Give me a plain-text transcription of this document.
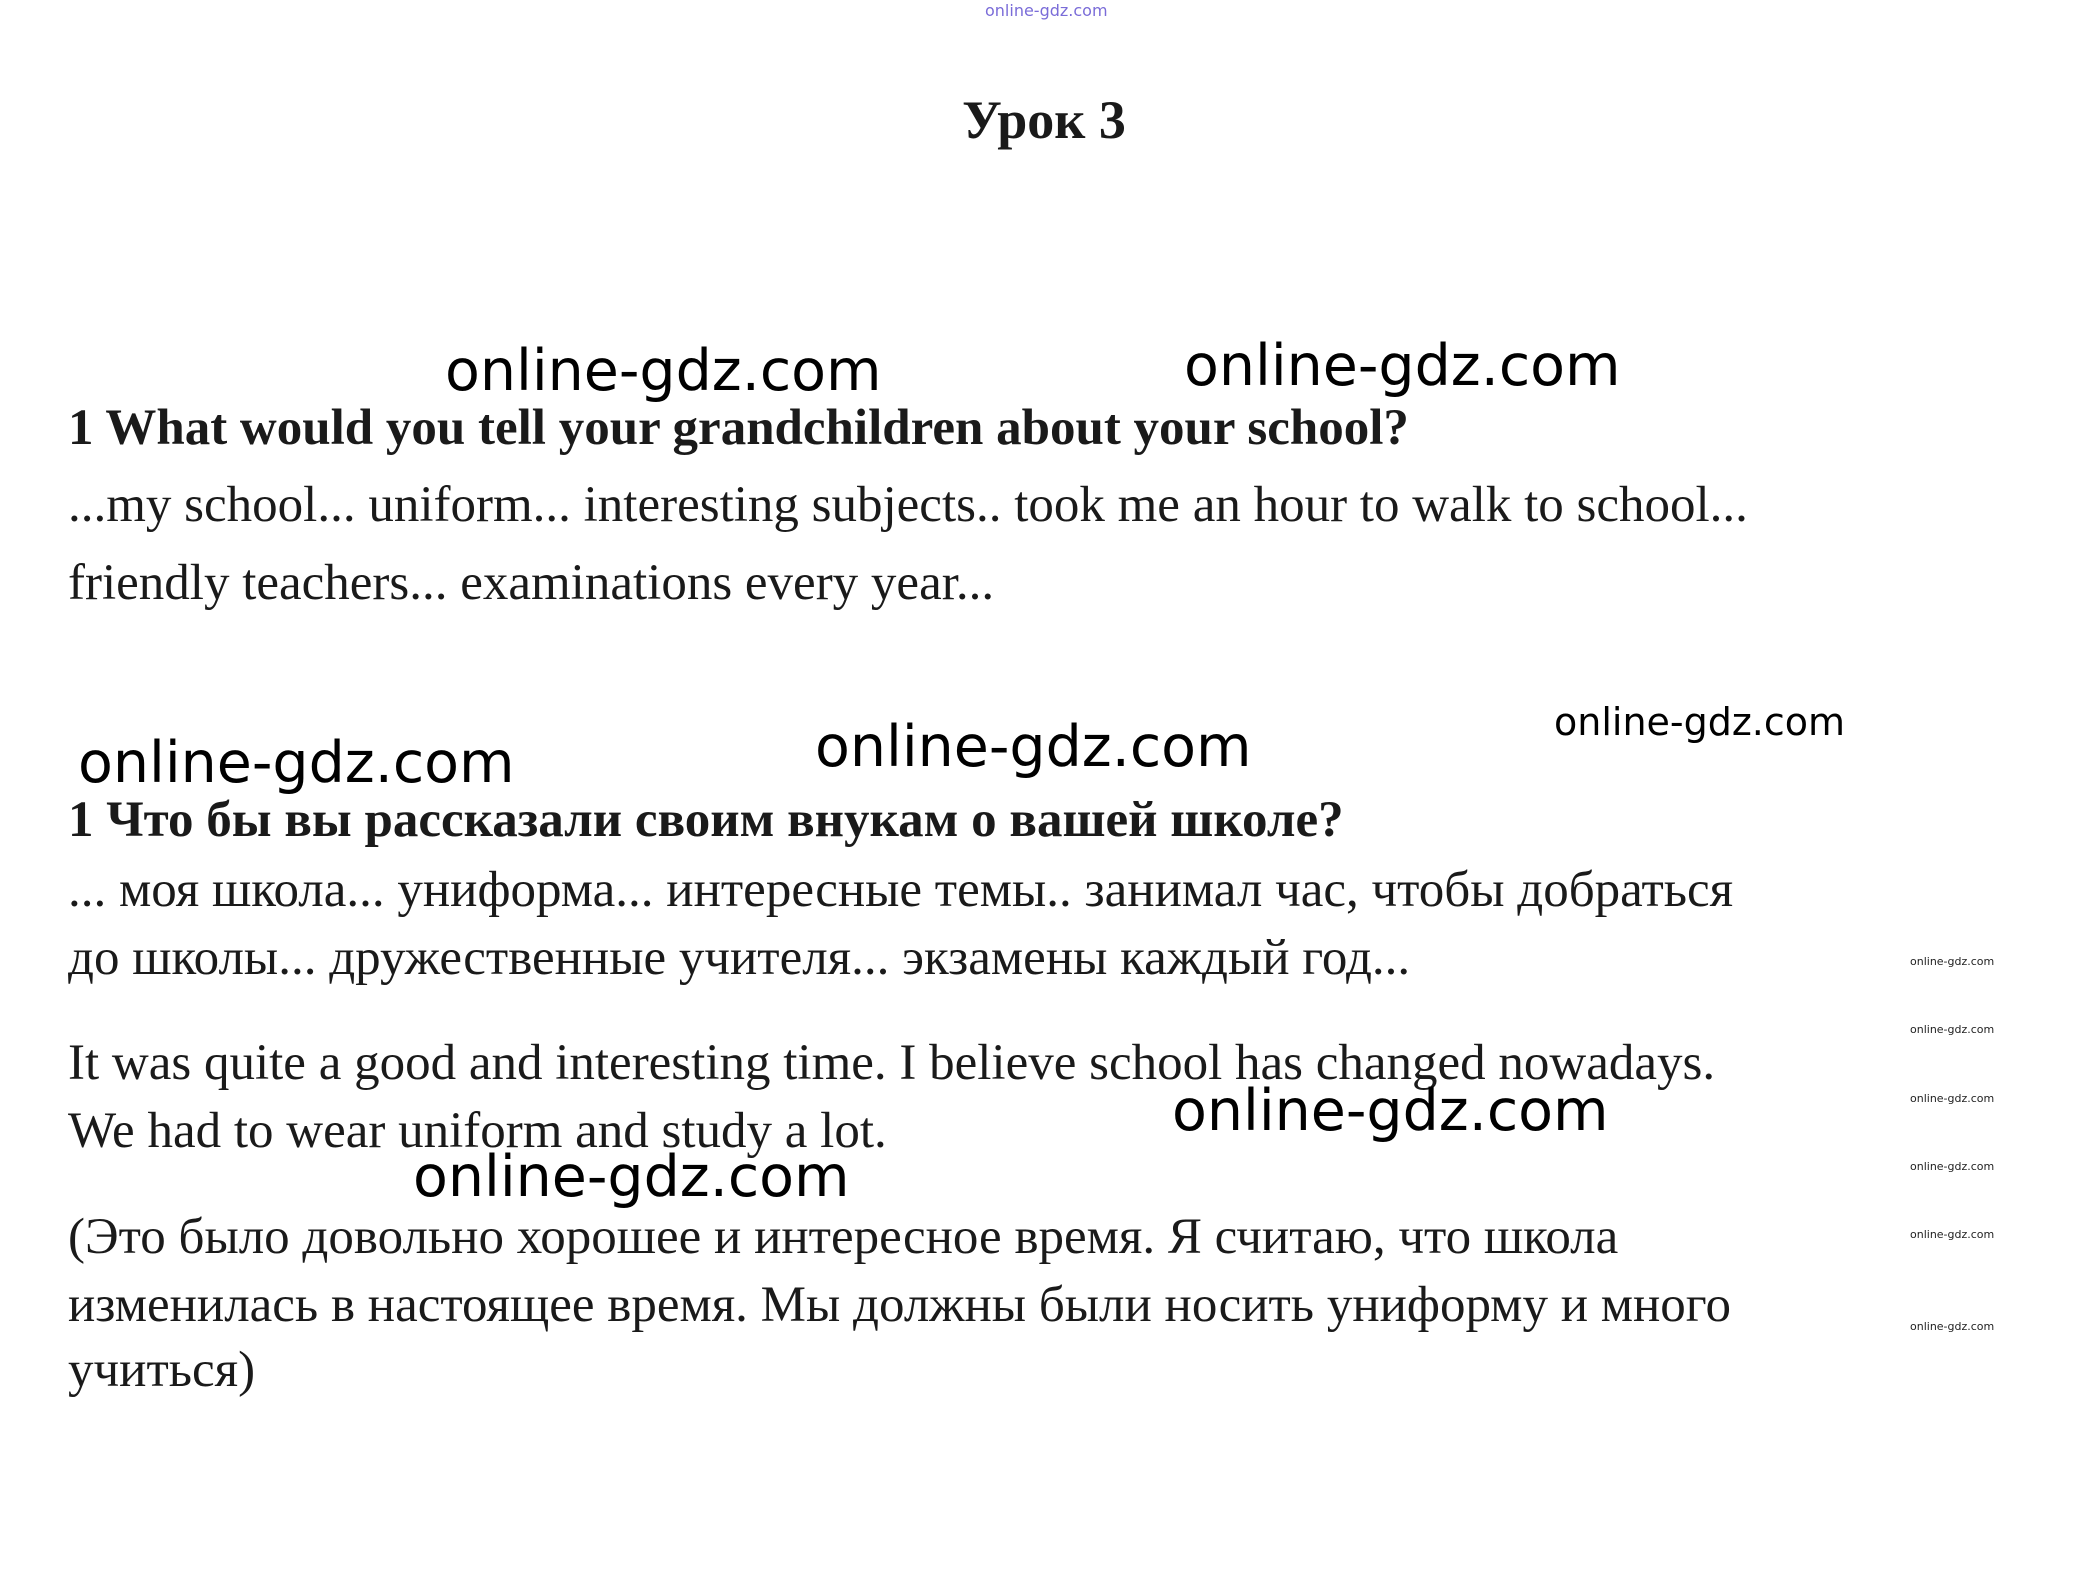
online-gdz.com
Урок 3
online-gdz.com	online-gdz.com
1 What would you tell your grandchildren about your school?
...my school... uniform... interesting subjects.. took me an hour to walk to school...
friendly teachers... examinations every year...
online-gdz.com	online-gdz.com	online-gdz.com
1 Что бы вы рассказали своим внукам о вашей школе?
... моя школа... униформа... интересные темы.. занимал час, чтобы добраться
до школы... дружественные учителя... экзамены каждый год...
It was quite a good and interesting time. I believe school has changed nowadays.
We had to wear uniform and study a lot.	online-gdz.com
online-gdz.com
(Это было довольно хорошее и интересное время. Я считаю, что школа
изменилась в настоящее время. Мы должны были носить униформу и много
учиться)
online-gdz.com
online-gdz.com
online-gdz.com
online-gdz.com
online-gdz.com
online-gdz.com
